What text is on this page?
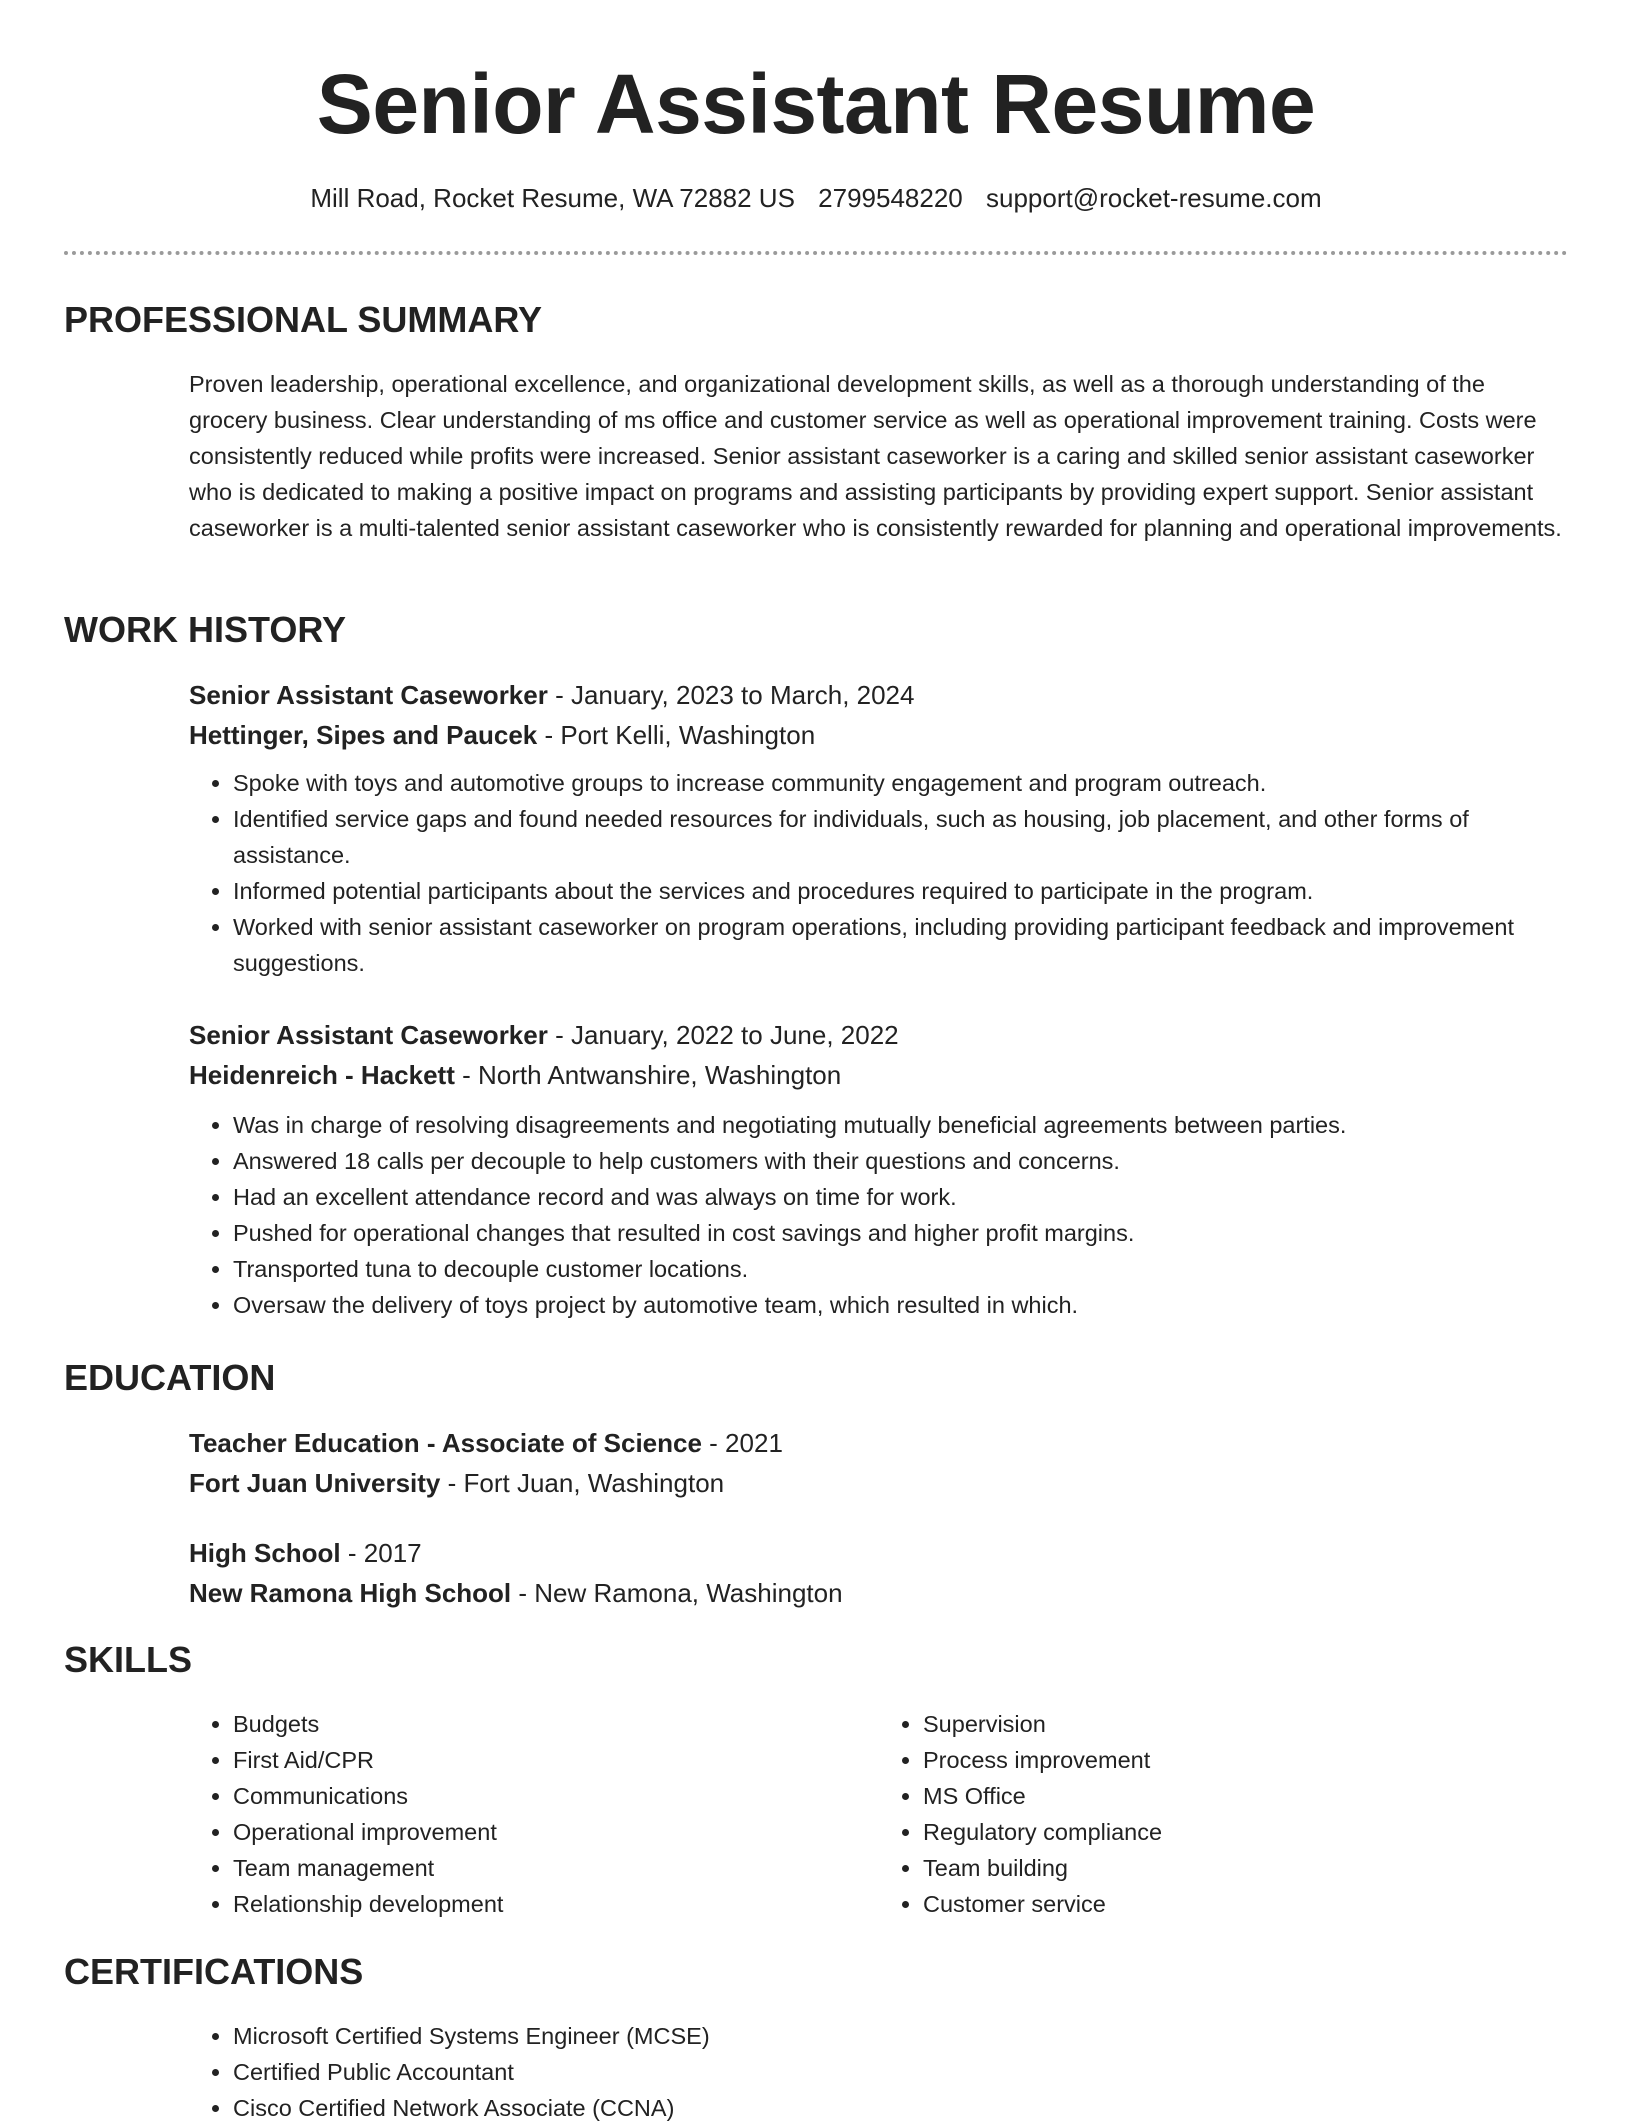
Senior Assistant Resume
Mill Road, Rocket Resume, WA 72882 US 2799548220 support@rocket-resume.com
PROFESSIONAL SUMMARY
Proven leadership, operational excellence, and organizational development skills, as well as a thorough understanding of the grocery business. Clear understanding of ms office and customer service as well as operational improvement training. Costs were consistently reduced while profits were increased. Senior assistant caseworker is a caring and skilled senior assistant caseworker who is dedicated to making a positive impact on programs and assisting participants by providing expert support. Senior assistant caseworker is a multi-talented senior assistant caseworker who is consistently rewarded for planning and operational improvements.
WORK HISTORY
Senior Assistant Caseworker - January, 2023 to March, 2024
Hettinger, Sipes and Paucek - Port Kelli, Washington
• Spoke with toys and automotive groups to increase community engagement and program outreach.
• Identified service gaps and found needed resources for individuals, such as housing, job placement, and other forms of assistance.
• Informed potential participants about the services and procedures required to participate in the program.
• Worked with senior assistant caseworker on program operations, including providing participant feedback and improvement suggestions.
Senior Assistant Caseworker - January, 2022 to June, 2022
Heidenreich - Hackett - North Antwanshire, Washington
• Was in charge of resolving disagreements and negotiating mutually beneficial agreements between parties.
• Answered 18 calls per decouple to help customers with their questions and concerns.
• Had an excellent attendance record and was always on time for work.
• Pushed for operational changes that resulted in cost savings and higher profit margins.
• Transported tuna to decouple customer locations.
• Oversaw the delivery of toys project by automotive team, which resulted in which.
EDUCATION
Teacher Education - Associate of Science - 2021
Fort Juan University - Fort Juan, Washington
High School - 2017
New Ramona High School - New Ramona, Washington
SKILLS
• Budgets
• First Aid/CPR
• Communications
• Operational improvement
• Team management
• Relationship development
• Supervision
• Process improvement
• MS Office
• Regulatory compliance
• Team building
• Customer service
CERTIFICATIONS
• Microsoft Certified Systems Engineer (MCSE)
• Certified Public Accountant
• Cisco Certified Network Associate (CCNA)
